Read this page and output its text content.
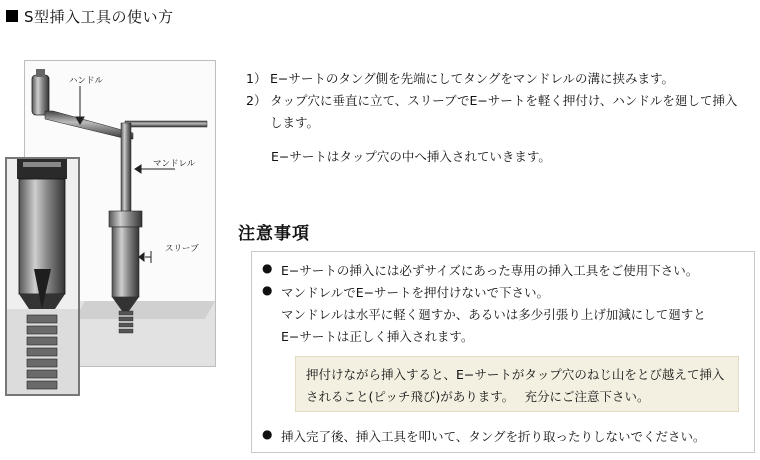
S型挿入工具の使い方
ハンドル
マンドレル
スリーブ
1） E−サートのタング側を先端にしてタングをマンドレルの溝に挟みます。
2） タップ穴に垂直に立て、スリーブでE−サートを軽く押付け、ハンドルを廻して挿入します。
E−サートはタップ穴の中へ挿入されていきます。
注意事項
● E−サートの挿入には必ずサイズにあった専用の挿入工具をご使用下さい。
● マンドレルでE−サートを押付けないで下さい。
マンドレルは水平に軽く廻すか、あるいは多少引張り上げ加減にして廻すと
E−サートは正しく挿入されます。
押付けながら挿入すると、E−サートがタップ穴のねじ山をとび越えて挿入
されること(ピッチ飛び)があります。　 充分にご注意下さい。
● 挿入完了後、挿入工具を叩いて、タングを折り取ったりしないでください。
